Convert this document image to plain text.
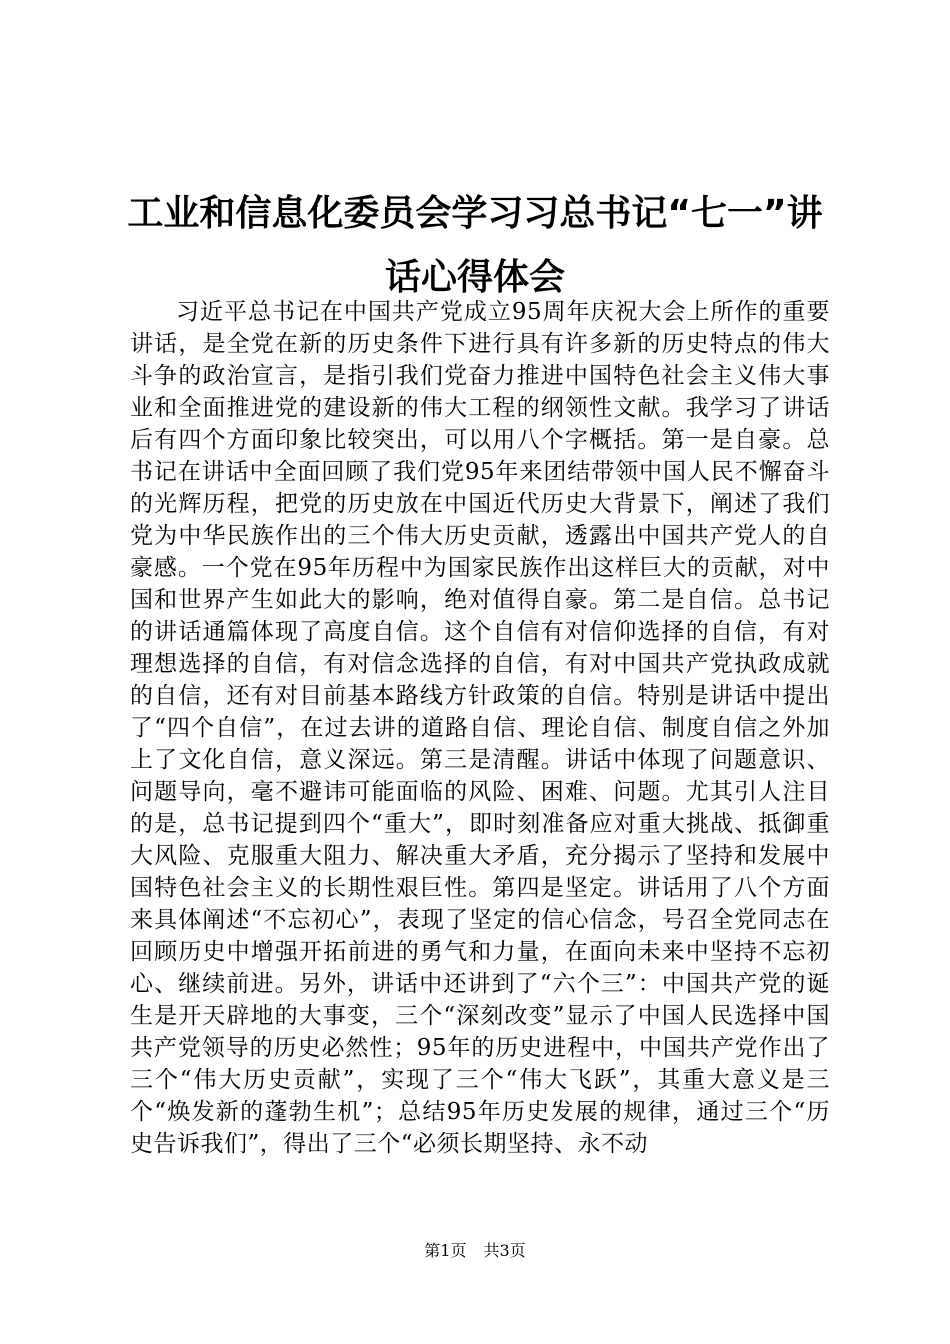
工业和信息化委员会学习习总书记“七一”讲
话心得体会

习近平总书记在中国共产党成立95周年庆祝大会上所作的重要讲话，是全党在新的历史条件下进行具有许多新的历史特点的伟大斗争的政治宣言，是指引我们党奋力推进中国特色社会主义伟大事业和全面推进党的建设新的伟大工程的纲领性文献。我学习了讲话后有四个方面印象比较突出，可以用八个字概括。第一是自豪。总书记在讲话中全面回顾了我们党95年来团结带领中国人民不懈奋斗的光辉历程，把党的历史放在中国近代历史大背景下，阐述了我们党为中华民族作出的三个伟大历史贡献，透露出中国共产党人的自豪感。一个党在95年历程中为国家民族作出这样巨大的贡献，对中国和世界产生如此大的影响，绝对值得自豪。第二是自信。总书记的讲话通篇体现了高度自信。这个自信有对信仰选择的自信，有对理想选择的自信，有对信念选择的自信，有对中国共产党执政成就的自信，还有对目前基本路线方针政策的自信。特别是讲话中提出了“四个自信”，在过去讲的道路自信、理论自信、制度自信之外加上了文化自信，意义深远。第三是清醒。讲话中体现了问题意识、问题导向，毫不避讳可能面临的风险、困难、问题。尤其引人注目的是，总书记提到四个“重大”，即时刻准备应对重大挑战、抵御重大风险、克服重大阻力、解决重大矛盾，充分揭示了坚持和发展中国特色社会主义的长期性艰巨性。第四是坚定。讲话用了八个方面来具体阐述“不忘初心”，表现了坚定的信心信念，号召全党同志在回顾历史中增强开拓前进的勇气和力量，在面向未来中坚持不忘初心、继续前进。另外，讲话中还讲到了“六个三”：中国共产党的诞生是开天辟地的大事变，三个“深刻改变”显示了中国人民选择中国共产党领导的历史必然性；95年的历史进程中，中国共产党作出了三个“伟大历史贡献”，实现了三个“伟大飞跃”，其重大意义是三个“焕发新的蓬勃生机”；总结95年历史发展的规律，通过三个“历史告诉我们”，得出了三个“必须长期坚持、永不动

第1页 共3页
